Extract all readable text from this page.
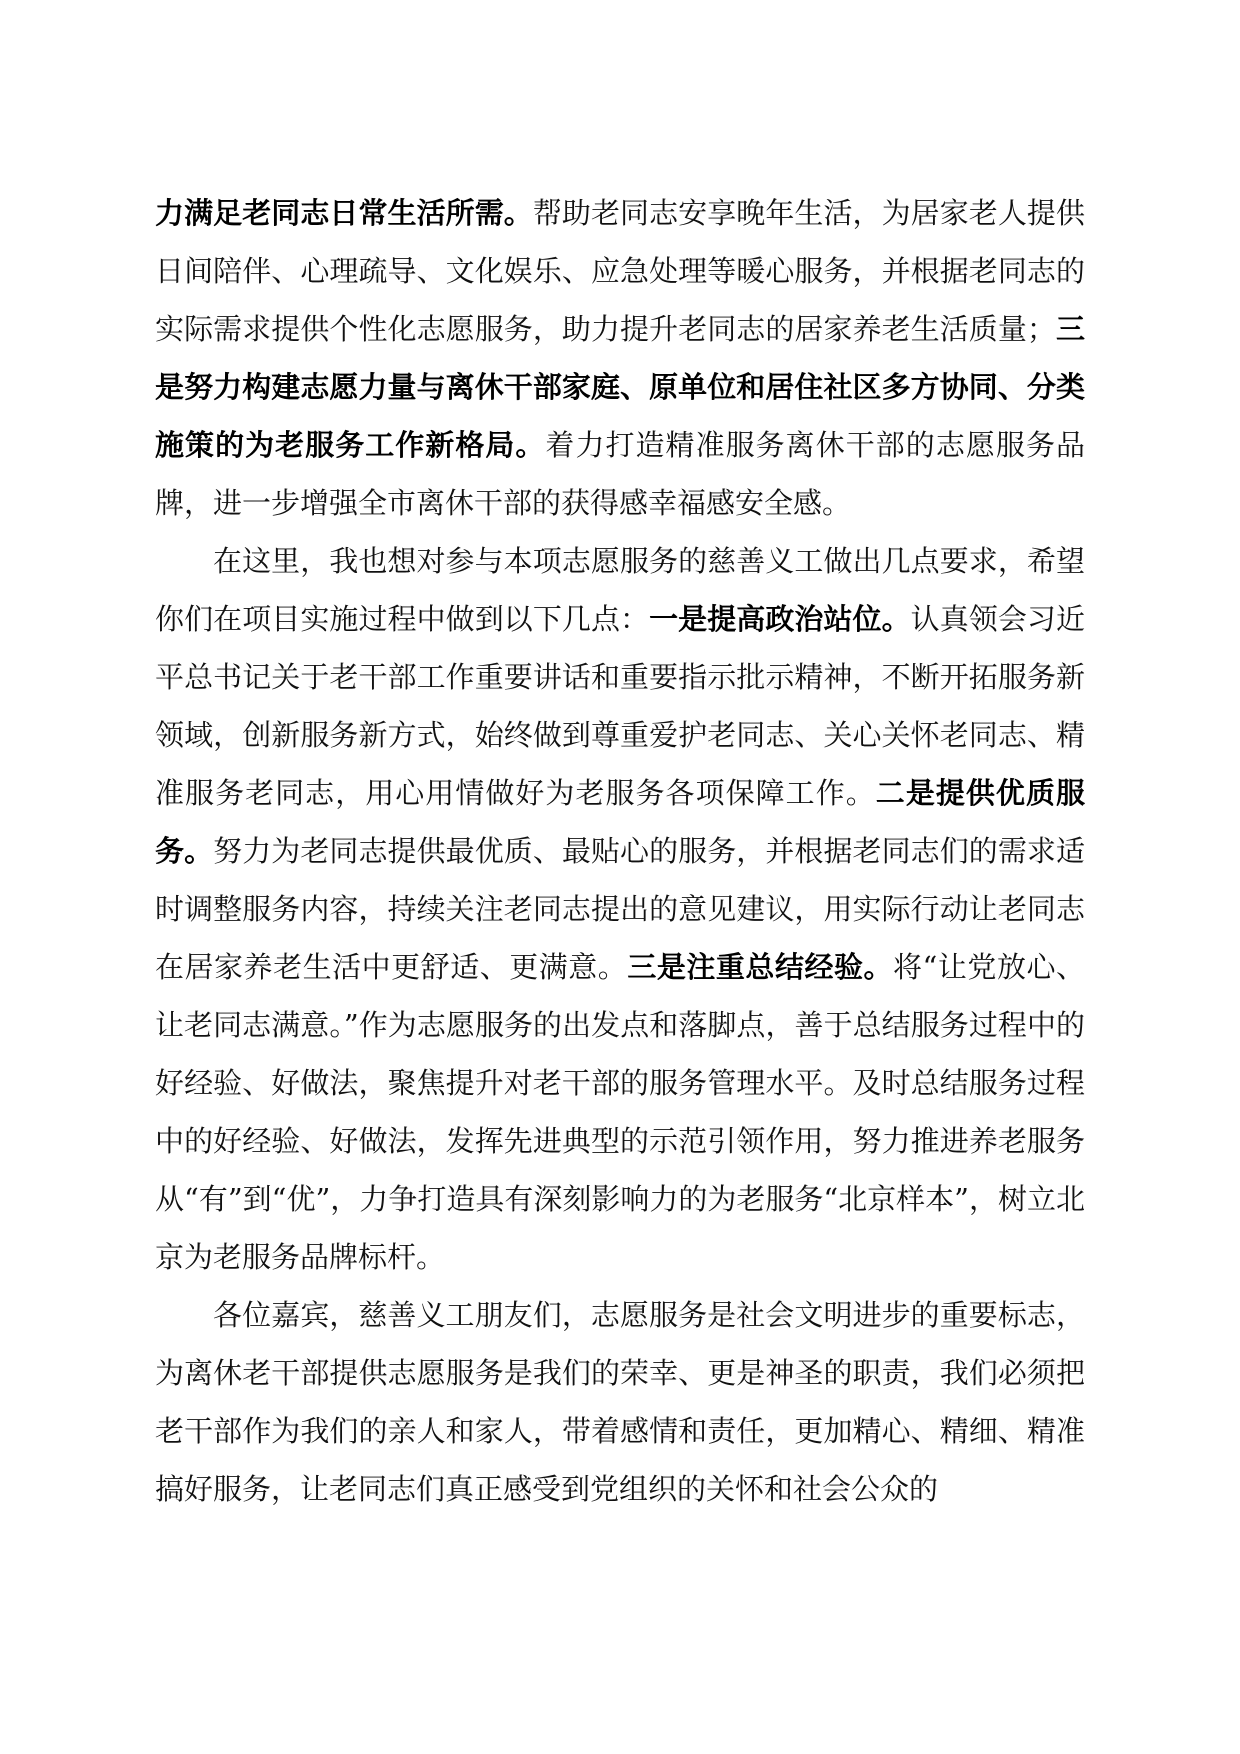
力满足老同志日常生活所需。帮助老同志安享晚年生活，为居家老人提供日间陪伴、心理疏导、文化娱乐、应急处理等暖心服务，并根据老同志的实际需求提供个性化志愿服务，助力提升老同志的居家养老生活质量；三是努力构建志愿力量与离休干部家庭、原单位和居住社区多方协同、分类施策的为老服务工作新格局。着力打造精准服务离休干部的志愿服务品牌，进一步增强全市离休干部的获得感幸福感安全感。

在这里，我也想对参与本项志愿服务的慈善义工做出几点要求，希望你们在项目实施过程中做到以下几点：一是提高政治站位。认真领会习近平总书记关于老干部工作重要讲话和重要指示批示精神，不断开拓服务新领域，创新服务新方式，始终做到尊重爱护老同志、关心关怀老同志、精准服务老同志，用心用情做好为老服务各项保障工作。二是提供优质服务。努力为老同志提供最优质、最贴心的服务，并根据老同志们的需求适时调整服务内容，持续关注老同志提出的意见建议，用实际行动让老同志在居家养老生活中更舒适、更满意。三是注重总结经验。将“让党放心、让老同志满意。”作为志愿服务的出发点和落脚点，善于总结服务过程中的好经验、好做法，聚焦提升对老干部的服务管理水平。及时总结服务过程中的好经验、好做法，发挥先进典型的示范引领作用，努力推进养老服务从“有”到“优”，力争打造具有深刻影响力的为老服务“北京样本”，树立北京为老服务品牌标杆。

各位嘉宾，慈善义工朋友们，志愿服务是社会文明进步的重要标志，为离休老干部提供志愿服务是我们的荣幸、更是神圣的职责，我们必须把老干部作为我们的亲人和家人，带着感情和责任，更加精心、精细、精准搞好服务，让老同志们真正感受到党组织的关怀和社会公众的
